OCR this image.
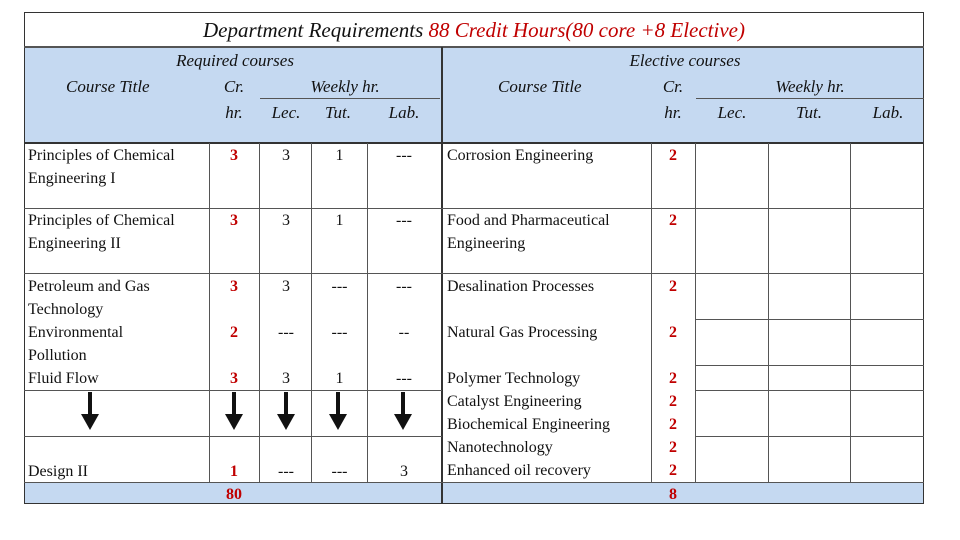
Department Requirements 88 Credit Hours(80 core +8 Elective)
Required courses
Course Title	Cr.
hr.
Weekly hr.
Lec.	Tut.	Lab.
Elective courses
Course Title	Cr.
hr.
Weekly hr.
Lec.	Tut.	Lab.
Principles of Chemical
Engineering I
3	3	1	---
Principles of Chemical
Engineering II
3	3	1	---
Petroleum and Gas
Technology
3	3	---	---
Environmental
Pollution
2	---	---	--
Fluid Flow	3	3	1	---
Design II	1	---	---	3
80
Corrosion Engineering	2
Food and Pharmaceutical
Engineering
2
Desalination Processes	2
Natural Gas Processing	2
Polymer Technology	2
Catalyst Engineering	2
Biochemical Engineering	2
Nanotechnology	2
Enhanced oil recovery	2
8
